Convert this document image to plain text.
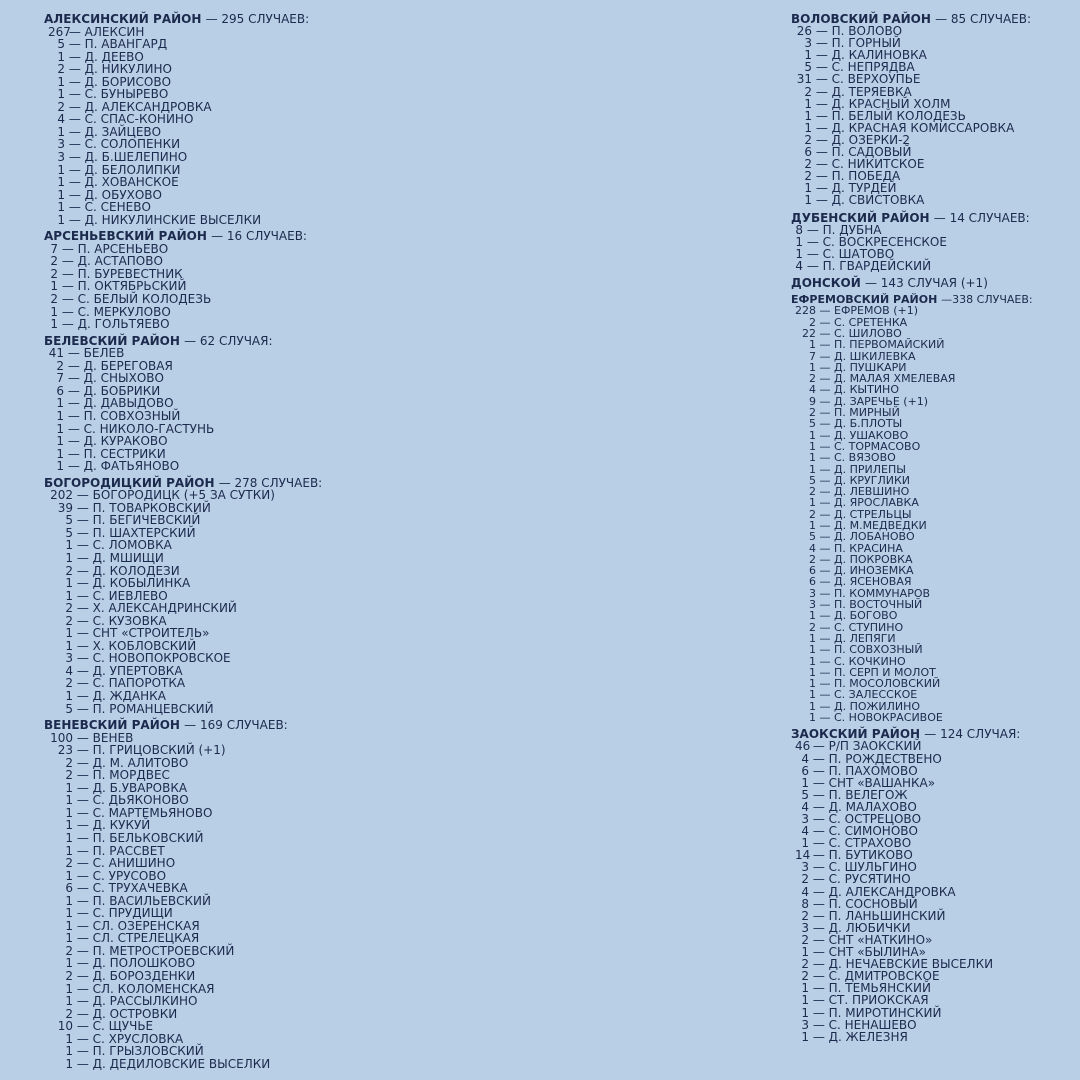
АЛЕКСИНСКИЙ РАЙОН — 295 СЛУЧАЕВ:
267 — АЛЕКСИН
5 — П. АВАНГАРД
1 — Д. ДЕЕВО
2 — Д. НИКУЛИНО
1 — Д. БОРИСОВО
1 — С. БУНЫРЕВО
2 — Д. АЛЕКСАНДРОВКА
4 — С. СПАС-КОНИНО
1 — Д. ЗАЙЦЕВО
3 — С. СОЛОПЕНКИ
3 — Д. Б.ШЕЛЕПИНО
1 — Д. БЕЛОЛИПКИ
1 — Д. ХОВАНСКОЕ
1 — Д. ОБУХОВО
1 — С. СЕНЕВО
1 — Д. НИКУЛИНСКИЕ ВЫСЕЛКИ
АРСЕНЬЕВСКИЙ РАЙОН — 16 СЛУЧАЕВ:
7 — П. АРСЕНЬЕВО
2 — Д. АСТАПОВО
2 — П. БУРЕВЕСТНИК
1 — П. ОКТЯБРЬСКИЙ
2 — С. БЕЛЫЙ КОЛОДЕЗЬ
1 — С. МЕРКУЛОВО
1 — Д. ГОЛЬТЯЕВО
БЕЛЕВСКИЙ РАЙОН — 62 СЛУЧАЯ:
41 — БЕЛЕВ
2 — Д. БЕРЕГОВАЯ
7 — Д. СНЫХОВО
6 — Д. БОБРИКИ
1 — Д. ДАВЫДОВО
1 — П. СОВХОЗНЫЙ
1 — С. НИКОЛО-ГАСТУНЬ
1 — Д. КУРАКОВО
1 — П. СЕСТРИКИ
1 — Д. ФАТЬЯНОВО
БОГОРОДИЦКИЙ РАЙОН — 278 СЛУЧАЕВ:
202 — БОГОРОДИЦК (+5 ЗА СУТКИ)
39 — П. ТОВАРКОВСКИЙ
5 — П. БЕГИЧЕВСКИЙ
5 — П. ШАХТЕРСКИЙ
1 — С. ЛОМОВКА
1 — Д. МШИЩИ
2 — Д. КОЛОДЕЗИ
1 — Д. КОБЫЛИНКА
1 — С. ИЕВЛЕВО
2 — Х. АЛЕКСАНДРИНСКИЙ
2 — С. КУЗОВКА
1 — СНТ «СТРОИТЕЛЬ»
1 — Х. КОБЛОВСКИЙ
3 — С. НОВОПОКРОВСКОЕ
4 — Д. УПЕРТОВКА
2 — С. ПАПОРОТКА
1 — Д. ЖДАНКА
5 — П. РОМАНЦЕВСКИЙ
ВЕНЕВСКИЙ РАЙОН — 169 СЛУЧАЕВ:
100 — ВЕНЕВ
23 — П. ГРИЦОВСКИЙ (+1)
2 — Д. М. АЛИТОВО
2 — П. МОРДВЕС
1 — Д. Б.УВАРОВКА
1 — С. ДЬЯКОНОВО
1 — С. МАРТЕМЬЯНОВО
1 — Д. КУКУЙ
1 — П. БЕЛЬКОВСКИЙ
1 — П. РАССВЕТ
2 — С. АНИШИНО
1 — С. УРУСОВО
6 — С. ТРУХАЧЕВКА
1 — П. ВАСИЛЬЕВСКИЙ
1 — С. ПРУДИЩИ
1 — СЛ. ОЗЕРЕНСКАЯ
1 — СЛ. СТРЕЛЕЦКАЯ
2 — П. МЕТРОСТРОЕВСКИЙ
1 — Д. ПОЛОШКОВО
2 — Д. БОРОЗДЕНКИ
1 — СЛ. КОЛОМЕНСКАЯ
1 — Д. РАССЫЛКИНО
2 — Д. ОСТРОВКИ
10 — С. ЩУЧЬЕ
1 — С. ХРУСЛОВКА
1 — П. ГРЫЗЛОВСКИЙ
1 — Д. ДЕДИЛОВСКИЕ ВЫСЕЛКИ
ВОЛОВСКИЙ РАЙОН — 85 СЛУЧАЕВ:
26 — П. ВОЛОВО
3 — П. ГОРНЫЙ
1 — Д. КАЛИНОВКА
5 — С. НЕПРЯДВА
31 — С. ВЕРХОУПЬЕ
2 — Д. ТЕРЯЕВКА
1 — Д. КРАСНЫЙ ХОЛМ
1 — П. БЕЛЫЙ КОЛОДЕЗЬ
1 — Д. КРАСНАЯ КОМИССАРОВКА
2 — Д. ОЗЕРКИ-2
6 — П. САДОВЫЙ
2 — С. НИКИТСКОЕ
2 — П. ПОБЕДА
1 — Д. ТУРДЕЙ
1 — Д. СВИСТОВКА
ДУБЕНСКИЙ РАЙОН — 14 СЛУЧАЕВ:
8 — П. ДУБНА
1 — С. ВОСКРЕСЕНСКОЕ
1 — С. ШАТОВО
4 — П. ГВАРДЕЙСКИЙ
ДОНСКОЙ — 143 СЛУЧАЯ (+1)
ЕФРЕМОВСКИЙ РАЙОН —338 СЛУЧАЕВ:
228 — ЕФРЕМОВ (+1)
2 — С. СРЕТЕНКА
22 — С. ШИЛОВО
1 — П. ПЕРВОМАЙСКИЙ
7 — Д. ШКИЛЕВКА
1 — Д. ПУШКАРИ
2 — Д. МАЛАЯ ХМЕЛЕВАЯ
4 — Д. КЫТИНО
9 — Д. ЗАРЕЧЬЕ (+1)
2 — П. МИРНЫЙ
5 — Д. Б.ПЛОТЫ
1 — Д. УШАКОВО
1 — С. ТОРМАСОВО
1 — С. ВЯЗОВО
1 — Д. ПРИЛЕПЫ
5 — Д. КРУГЛИКИ
2 — Д. ЛЕВШИНО
1 — Д. ЯРОСЛАВКА
2 — Д. СТРЕЛЬЦЫ
1 — Д. М.МЕДВЕДКИ
5 — Д. ЛОБАНОВО
4 — П. КРАСИНА
2 — Д. ПОКРОВКА
6 — Д. ИНОЗЕМКА
6 — Д. ЯСЕНОВАЯ
3 — П. КОММУНАРОВ
3 — П. ВОСТОЧНЫЙ
1 — Д. БОГОВО
2 — С. СТУПИНО
1 — Д. ЛЕПЯГИ
1 — П. СОВХОЗНЫЙ
1 — С. КОЧКИНО
1 — П. СЕРП И МОЛОТ
1 — П. МОСОЛОВСКИЙ
1 — С. ЗАЛЕССКОЕ
1 — Д. ПОЖИЛИНО
1 — С. НОВОКРАСИВОЕ
ЗАОКСКИЙ РАЙОН — 124 СЛУЧАЯ:
46 — Р/П ЗАОКСКИЙ
4 — П. РОЖДЕСТВЕНО
6 — П. ПАХОМОВО
1 — СНТ «ВАШАНКА»
5 — П. ВЕЛЕГОЖ
4 — Д. МАЛАХОВО
3 — С. ОСТРЕЦОВО
4 — С. СИМОНОВО
1 — С. СТРАХОВО
14 — П. БУТИКОВО
3 — С. ШУЛЬГИНО
2 — С. РУСЯТИНО
4 — Д. АЛЕКСАНДРОВКА
8 — П. СОСНОВЫЙ
2 — П. ЛАНЬШИНСКИЙ
3 — Д. ЛЮБИЧКИ
2 — СНТ «НАТКИНО»
1 — СНТ «БЫЛИНА»
2 — Д. НЕЧАЕВСКИЕ ВЫСЕЛКИ
2 — С. ДМИТРОВСКОЕ
1 — П. ТЕМЬЯНСКИЙ
1 — СТ. ПРИОКСКАЯ
1 — П. МИРОТИНСКИЙ
3 — С. НЕНАШЕВО
1 — Д. ЖЕЛЕЗНЯ
